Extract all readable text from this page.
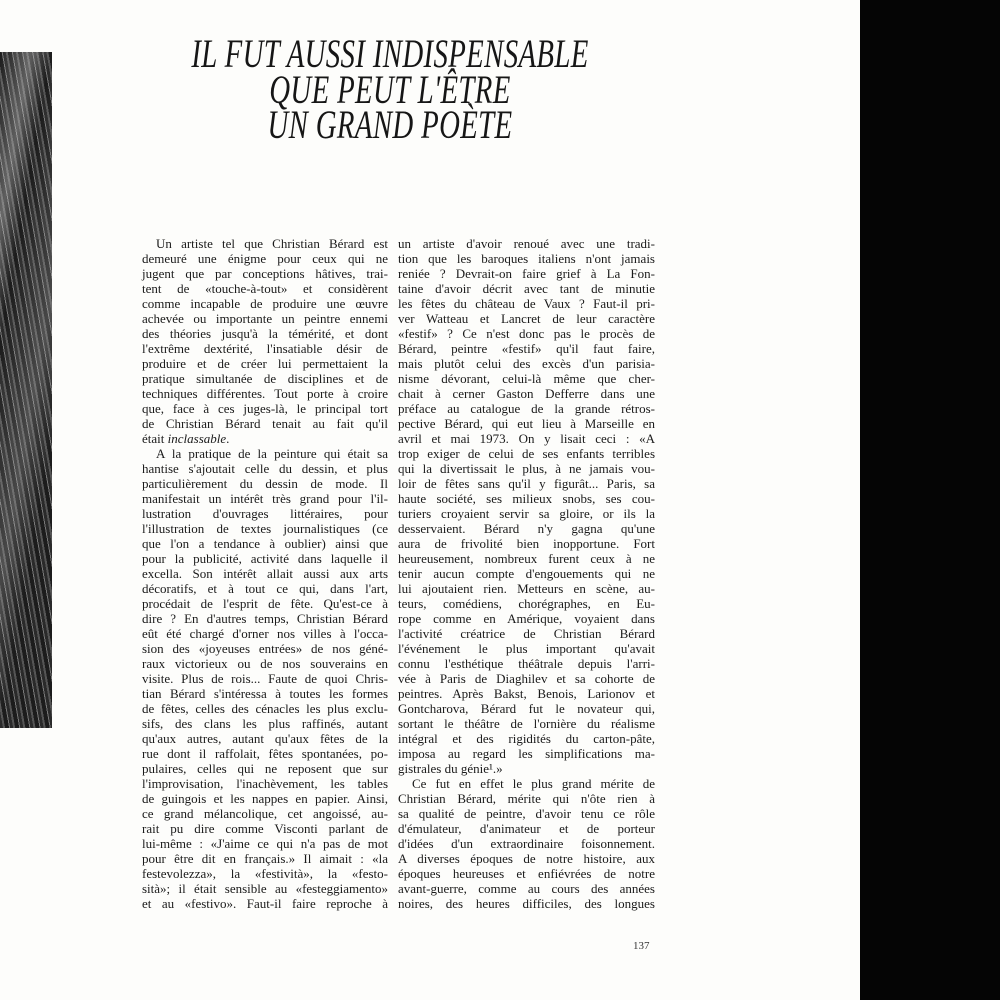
IL FUT AUSSI INDISPENSABLE
QUE PEUT L'ÊTRE
UN GRAND POÈTE
Un artiste tel que Christian Bérard est
demeuré une énigme pour ceux qui ne
jugent que par conceptions hâtives, trai-
tent de «touche-à-tout» et considèrent
comme incapable de produire une œuvre
achevée ou importante un peintre ennemi
des théories jusqu'à la témérité, et dont
l'extrême dextérité, l'insatiable désir de
produire et de créer lui permettaient la
pratique simultanée de disciplines et de
techniques différentes. Tout porte à croire
que, face à ces juges-là, le principal tort
de Christian Bérard tenait au fait qu'il
était inclassable.
A la pratique de la peinture qui était sa
hantise s'ajoutait celle du dessin, et plus
particulièrement du dessin de mode. Il
manifestait un intérêt très grand pour l'il-
lustration d'ouvrages littéraires, pour
l'illustration de textes journalistiques (ce
que l'on a tendance à oublier) ainsi que
pour la publicité, activité dans laquelle il
excella. Son intérêt allait aussi aux arts
décoratifs, et à tout ce qui, dans l'art,
procédait de l'esprit de fête. Qu'est-ce à
dire ? En d'autres temps, Christian Bérard
eût été chargé d'orner nos villes à l'occa-
sion des «joyeuses entrées» de nos géné-
raux victorieux ou de nos souverains en
visite. Plus de rois... Faute de quoi Chris-
tian Bérard s'intéressa à toutes les formes
de fêtes, celles des cénacles les plus exclu-
sifs, des clans les plus raffinés, autant
qu'aux autres, autant qu'aux fêtes de la
rue dont il raffolait, fêtes spontanées, po-
pulaires, celles qui ne reposent que sur
l'improvisation, l'inachèvement, les tables
de guingois et les nappes en papier. Ainsi,
ce grand mélancolique, cet angoissé, au-
rait pu dire comme Visconti parlant de
lui-même : «J'aime ce qui n'a pas de mot
pour être dit en français.» Il aimait : «la
festevolezza», la «festività», la «festo-
sità»; il était sensible au «festeggiamento»
et au «festivo». Faut-il faire reproche à
un artiste d'avoir renoué avec une tradi-
tion que les baroques italiens n'ont jamais
reniée ? Devrait-on faire grief à La Fon-
taine d'avoir décrit avec tant de minutie
les fêtes du château de Vaux ? Faut-il pri-
ver Watteau et Lancret de leur caractère
«festif» ? Ce n'est donc pas le procès de
Bérard, peintre «festif» qu'il faut faire,
mais plutôt celui des excès d'un parisia-
nisme dévorant, celui-là même que cher-
chait à cerner Gaston Defferre dans une
préface au catalogue de la grande rétros-
pective Bérard, qui eut lieu à Marseille en
avril et mai 1973. On y lisait ceci : «A
trop exiger de celui de ses enfants terribles
qui la divertissait le plus, à ne jamais vou-
loir de fêtes sans qu'il y figurât... Paris, sa
haute société, ses milieux snobs, ses cou-
turiers croyaient servir sa gloire, or ils la
desservaient. Bérard n'y gagna qu'une
aura de frivolité bien inopportune. Fort
heureusement, nombreux furent ceux à ne
tenir aucun compte d'engouements qui ne
lui ajoutaient rien. Metteurs en scène, au-
teurs, comédiens, chorégraphes, en Eu-
rope comme en Amérique, voyaient dans
l'activité créatrice de Christian Bérard
l'événement le plus important qu'avait
connu l'esthétique théâtrale depuis l'arri-
vée à Paris de Diaghilev et sa cohorte de
peintres. Après Bakst, Benois, Larionov et
Gontcharova, Bérard fut le novateur qui,
sortant le théâtre de l'ornière du réalisme
intégral et des rigidités du carton-pâte,
imposa au regard les simplifications ma-
gistrales du génie¹.»
Ce fut en effet le plus grand mérite de
Christian Bérard, mérite qui n'ôte rien à
sa qualité de peintre, d'avoir tenu ce rôle
d'émulateur, d'animateur et de porteur
d'idées d'un extraordinaire foisonnement.
A diverses époques de notre histoire, aux
époques heureuses et enfiévrées de notre
avant-guerre, comme au cours des années
noires, des heures difficiles, des longues
137
